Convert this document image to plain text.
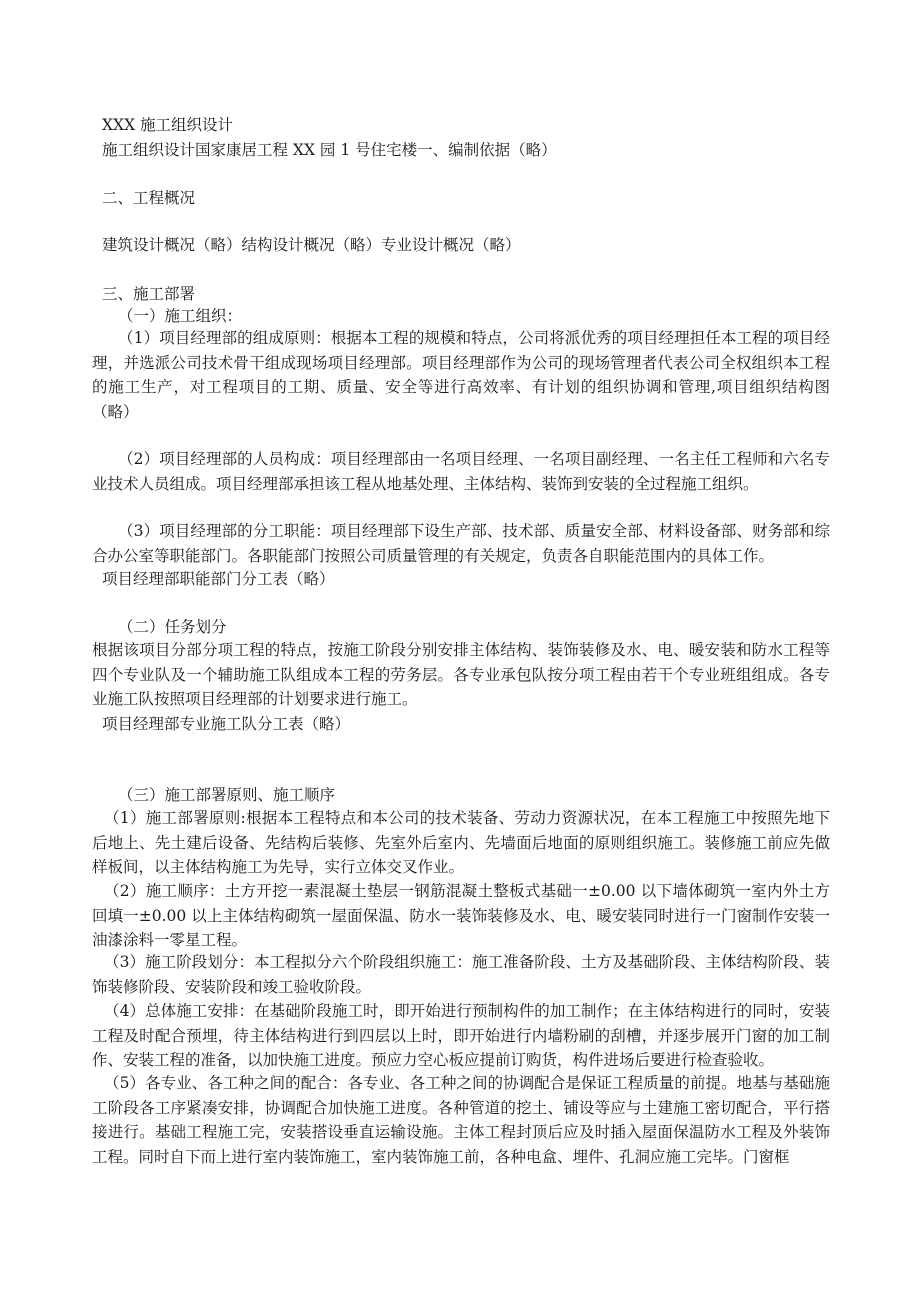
XXX 施工组织设计
施工组织设计国家康居工程 XX 园 1 号住宅楼一、编制依据（略）
二、工程概况
建筑设计概况（略）结构设计概况（略）专业设计概况（略）
三、施工部署
（一）施工组织：
（1）项目经理部的组成原则：根据本工程的规模和特点，公司将派优秀的项目经理担任本工程的项目经理，并选派公司技术骨干组成现场项目经理部。项目经理部作为公司的现场管理者代表公司全权组织本工程的施工生产，对工程项目的工期、质量、安全等进行高效率、有计划的组织协调和管理,项目组织结构图（略）
（2）项目经理部的人员构成：项目经理部由一名项目经理、一名项目副经理、一名主任工程师和六名专业技术人员组成。项目经理部承担该工程从地基处理、主体结构、装饰到安装的全过程施工组织。
（3）项目经理部的分工职能：项目经理部下设生产部、技术部、质量安全部、材料设备部、财务部和综合办公室等职能部门。各职能部门按照公司质量管理的有关规定，负责各自职能范围内的具体工作。
项目经理部职能部门分工表（略）
（二）任务划分
根据该项目分部分项工程的特点，按施工阶段分别安排主体结构、装饰装修及水、电、暖安装和防水工程等四个专业队及一个辅助施工队组成本工程的劳务层。各专业承包队按分项工程由若干个专业班组组成。各专业施工队按照项目经理部的计划要求进行施工。
项目经理部专业施工队分工表（略）
（三）施工部署原则、施工顺序
（1）施工部署原则:根据本工程特点和本公司的技术装备、劳动力资源状况，在本工程施工中按照先地下后地上、先土建后设备、先结构后装修、先室外后室内、先墙面后地面的原则组织施工。装修施工前应先做样板间，以主体结构施工为先导，实行立体交叉作业。
（2）施工顺序：土方开挖一素混凝土垫层一钢筋混凝土整板式基础一±0.00 以下墙体砌筑一室内外土方回填一±0.00 以上主体结构砌筑一屋面保温、防水一装饰装修及水、电、暖安装同时进行一门窗制作安装一油漆涂料一零星工程。
（3）施工阶段划分：本工程拟分六个阶段组织施工：施工准备阶段、土方及基础阶段、主体结构阶段、装饰装修阶段、安装阶段和竣工验收阶段。
（4）总体施工安排：在基础阶段施工时，即开始进行预制构件的加工制作；在主体结构进行的同时，安装工程及时配合预埋，待主体结构进行到四层以上时，即开始进行内墙粉刷的刮槽，并逐步展开门窗的加工制作、安装工程的准备，以加快施工进度。预应力空心板应提前订购货，构件进场后要进行检查验收。
（5）各专业、各工种之间的配合：各专业、各工种之间的协调配合是保证工程质量的前提。地基与基础施工阶段各工序紧凑安排，协调配合加快施工进度。各种管道的挖土、铺设等应与土建施工密切配合，平行搭接进行。基础工程施工完，安装搭设垂直运输设施。主体工程封顶后应及时插入屋面保温防水工程及外装饰工程。同时自下而上进行室内装饰施工，室内装饰施工前，各种电盒、埋件、孔洞应施工完毕。门窗框
